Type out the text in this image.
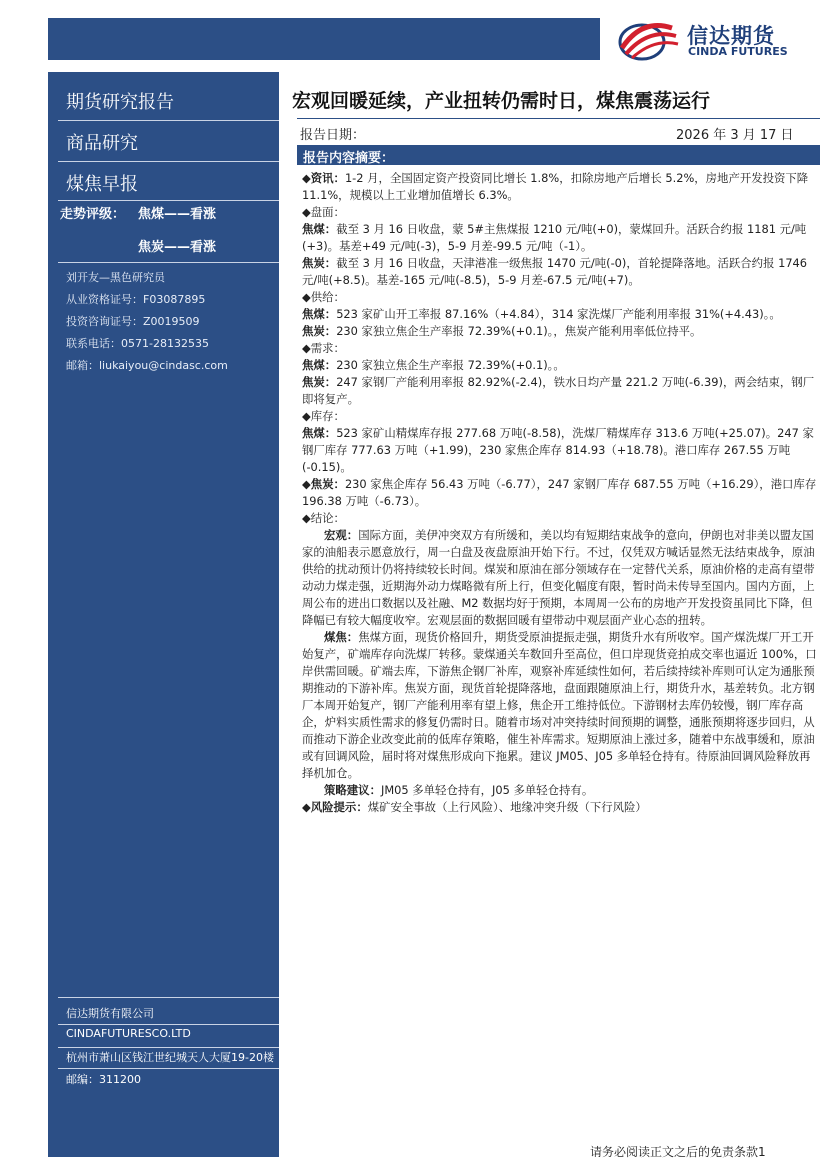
信达期货
CINDA FUTURES
期货研究报告
商品研究
煤焦早报
走势评级： 焦煤——看涨
焦炭——看涨
刘开友—黑色研究员
从业资格证号：F03087895
投资咨询证号：Z0019509
联系电话：0571-28132535
邮箱：liukaiyou@cindasc.com
信达期货有限公司
CINDAFUTURESCO.LTD
杭州市萧山区钱江世纪城天人大厦19-20楼
邮编：311200
宏观回暖延续，产业扭转仍需时日，煤焦震荡运行
报告日期：	2026 年 3 月 17 日
报告内容摘要：

◆资讯：1-2 月，全国固定资产投资同比增长 1.8%，扣除房地产后增长 5.2%，房地产开发投资下降 11.1%，规模以上工业增加值增长 6.3%。

◆盘面：

焦煤：截至 3 月 16 日收盘，蒙 5#主焦煤报 1210 元/吨(+0)，蒙煤回升。活跃合约报 1181 元/吨(+3)。基差+49 元/吨(-3)，5-9 月差-99.5 元/吨（-1）。

焦炭：截至 3 月 16 日收盘，天津港准一级焦报 1470 元/吨(-0)，首轮提降落地。活跃合约报 1746 元/吨(+8.5)。基差-165 元/吨(-8.5)，5-9 月差-67.5 元/吨(+7)。

◆供给：

焦煤：523 家矿山开工率报 87.16%（+4.84），314 家洗煤厂产能利用率报 31%(+4.43)。。

焦炭：230 家独立焦企生产率报 72.39%(+0.1)。，焦炭产能利用率低位持平。

◆需求：

焦煤：230 家独立焦企生产率报 72.39%(+0.1)。。

焦炭：247 家钢厂产能利用率报 82.92%(-2.4)，铁水日均产量 221.2 万吨(-6.39)，两会结束，钢厂即将复产。

◆库存：

焦煤：523 家矿山精煤库存报 277.68 万吨(-8.58)，洗煤厂精煤库存 313.6 万吨(+25.07)。247 家钢厂库存 777.63 万吨（+1.99)，230 家焦企库存 814.93（+18.78)。港口库存 267.55 万吨(-0.15)。

◆焦炭：230 家焦企库存 56.43 万吨（-6.77），247 家钢厂库存 687.55 万吨（+16.29），港口库存 196.38 万吨（-6.73）。

◆结论：

宏观：国际方面，美伊冲突双方有所缓和，美以均有短期结束战争的意向，伊朗也对非美以盟友国家的油船表示愿意放行，周一白盘及夜盘原油开始下行。不过，仅凭双方喊话显然无法结束战争，原油供给的扰动预计仍将持续较长时间。煤炭和原油在部分领域存在一定替代关系，原油价格的走高有望带动动力煤走强，近期海外动力煤略微有所上行，但变化幅度有限，暂时尚未传导至国内。国内方面，上周公布的进出口数据以及社融、M2 数据均好于预期，本周周一公布的房地产开发投资虽同比下降，但降幅已有较大幅度收窄。宏观层面的数据回暖有望带动中观层面产业心态的扭转。

煤焦：焦煤方面，现货价格回升，期货受原油提振走强，期货升水有所收窄。国产煤洗煤厂开工开始复产，矿端库存向洗煤厂转移。蒙煤通关车数回升至高位，但口岸现货竞拍成交率也逼近 100%，口岸供需回暖。矿端去库，下游焦企钢厂补库，观察补库延续性如何，若后续持续补库则可认定为通胀预期推动的下游补库。焦炭方面，现货首轮提降落地，盘面跟随原油上行，期货升水，基差转负。北方钢厂本周开始复产，钢厂产能利用率有望上修，焦企开工维持低位。下游钢材去库仍较慢，钢厂库存高企，炉料实质性需求的修复仍需时日。随着市场对冲突持续时间预期的调整，通胀预期将逐步回归，从而推动下游企业改变此前的低库存策略，催生补库需求。短期原油上涨过多，随着中东战事缓和，原油或有回调风险，届时将对煤焦形成向下拖累。建议 JM05、J05 多单轻仓持有。待原油回调风险释放再择机加仓。

策略建议：JM05 多单轻仓持有，J05 多单轻仓持有。

◆风险提示：煤矿安全事故（上行风险）、地缘冲突升级（下行风险）

请务必阅读正文之后的免责条款1
